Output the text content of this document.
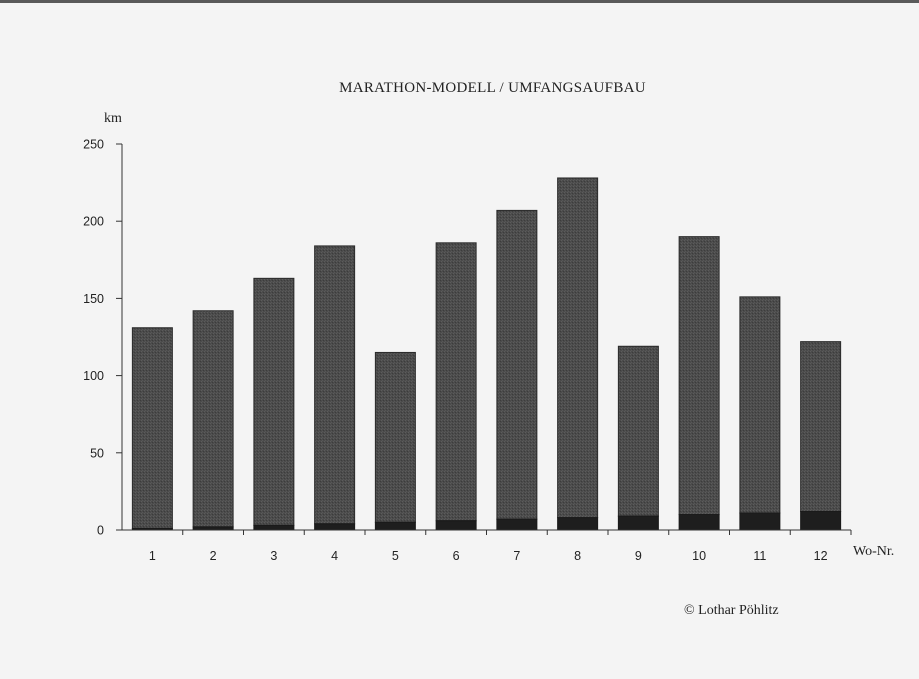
MARATHON-MODELL / UMFANGSAUFBAU
1	2	3	4	5	6	7	8	9	10	11	12
0
50
100
150
200
250
km
Wo-Nr.
© Lothar Pöhlitz
